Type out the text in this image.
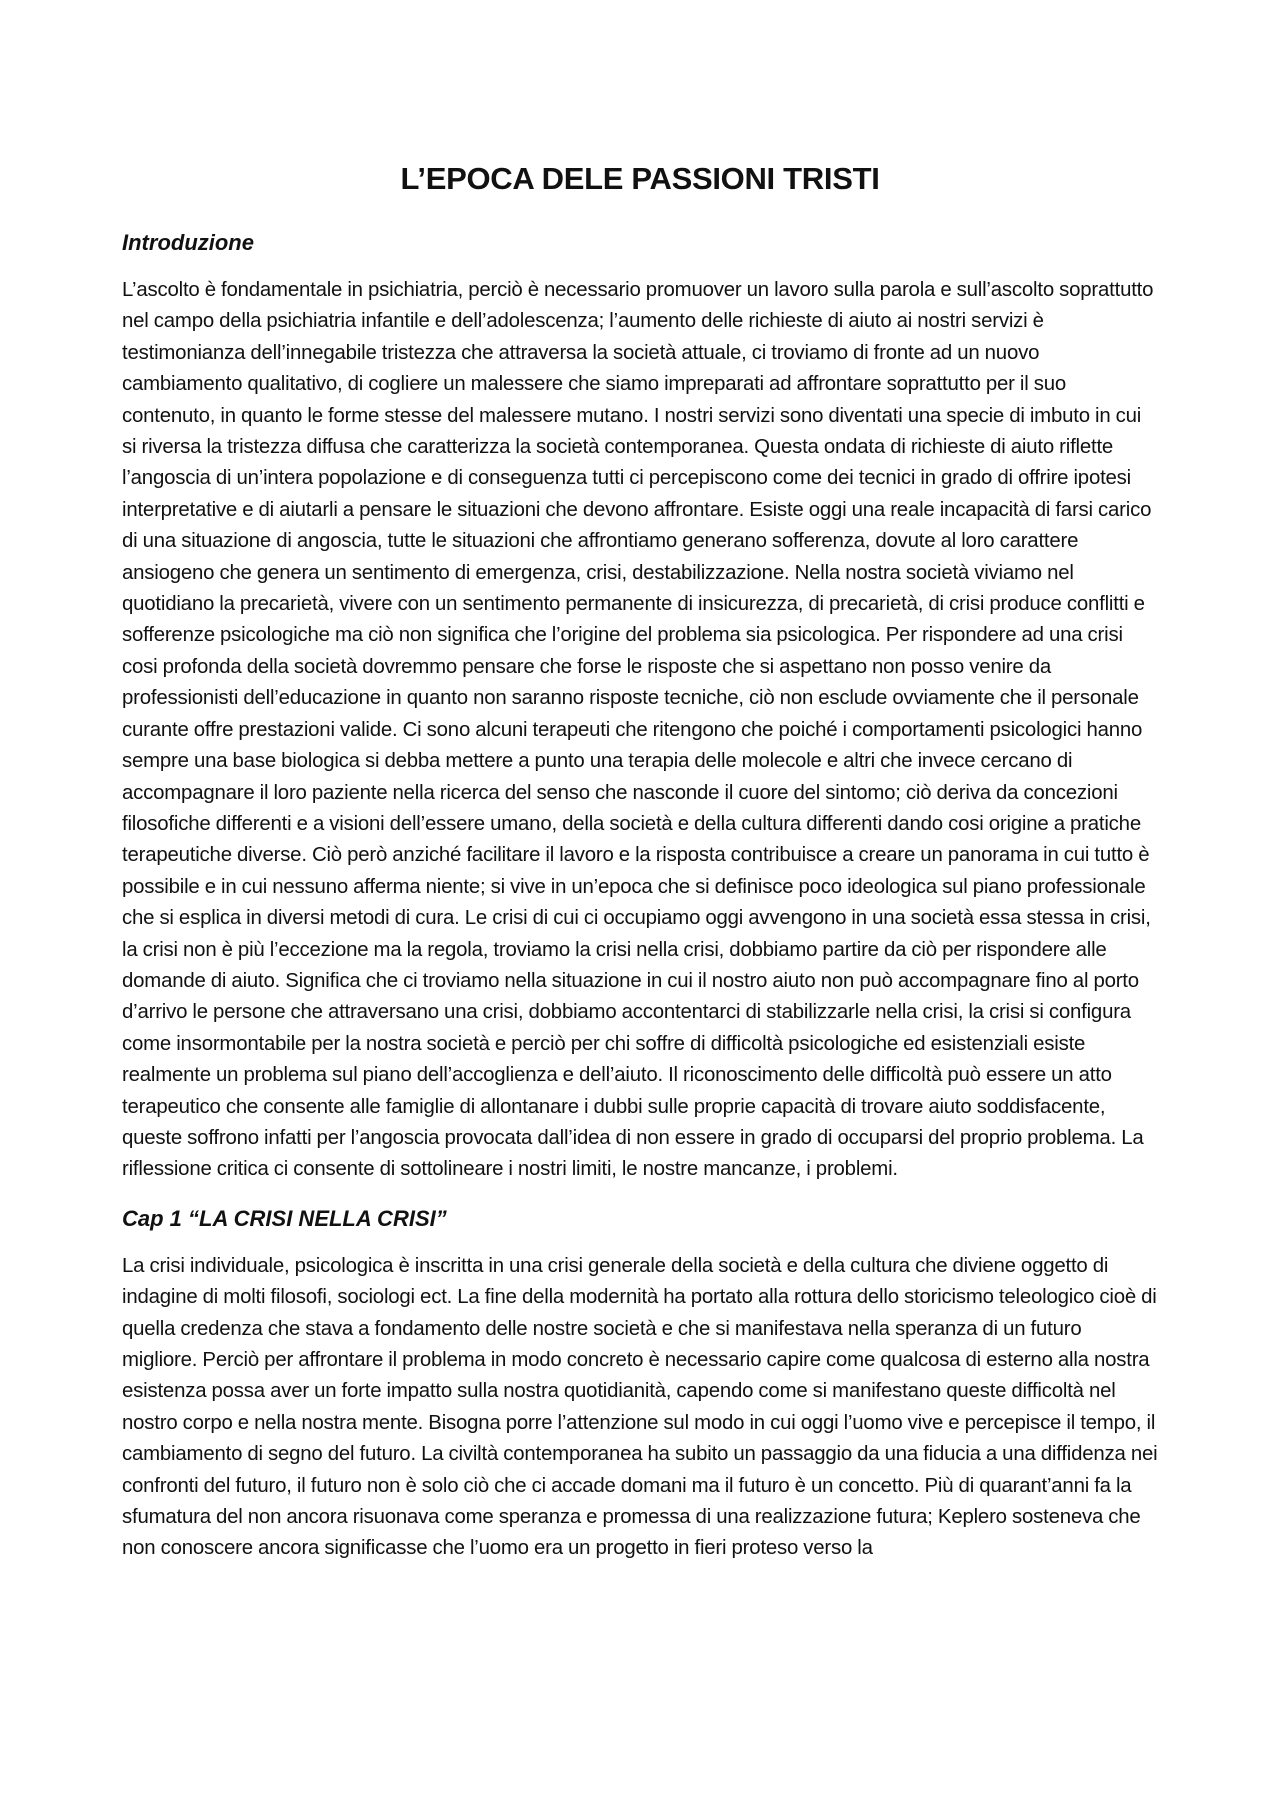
L’EPOCA DELE PASSIONI TRISTI
Introduzione

L’ascolto è fondamentale in psichiatria, perciò è necessario promuover un lavoro sulla parola e sull’ascolto soprattutto nel campo della psichiatria infantile e dell’adolescenza; l’aumento delle richieste di aiuto ai nostri servizi è testimonianza dell’innegabile tristezza che attraversa la società attuale, ci troviamo di fronte ad un nuovo cambiamento qualitativo, di cogliere un malessere che siamo impreparati ad affrontare soprattutto per il suo contenuto, in quanto le forme stesse del malessere mutano. I nostri servizi sono diventati una specie di imbuto in cui si riversa la tristezza diffusa che caratterizza la società contemporanea. Questa ondata di richieste di aiuto riflette l’angoscia di un’intera popolazione e di conseguenza tutti ci percepiscono come dei tecnici in grado di offrire ipotesi interpretative e di aiutarli a pensare le situazioni che devono affrontare. Esiste oggi una reale incapacità di farsi carico di una situazione di angoscia, tutte le situazioni che affrontiamo generano sofferenza, dovute al loro carattere ansiogeno che genera un sentimento di emergenza, crisi, destabilizzazione. Nella nostra società viviamo nel quotidiano la precarietà, vivere con un sentimento permanente di insicurezza, di precarietà, di crisi produce conflitti e sofferenze psicologiche ma ciò non significa che l’origine del problema sia psicologica. Per rispondere ad una crisi cosi profonda della società dovremmo pensare che forse le risposte che si aspettano non posso venire da professionisti dell’educazione in quanto non saranno risposte tecniche, ciò non esclude ovviamente che il personale curante offre prestazioni valide. Ci sono alcuni terapeuti che ritengono che poiché i comportamenti psicologici hanno sempre una base biologica si debba mettere a punto una terapia delle molecole e altri che invece cercano di accompagnare il loro paziente nella ricerca del senso che nasconde il cuore del sintomo; ciò deriva da concezioni filosofiche differenti e a visioni dell’essere umano, della società e della cultura differenti dando cosi origine a pratiche terapeutiche diverse. Ciò però anziché facilitare il lavoro e la risposta contribuisce a creare un panorama in cui tutto è possibile e in cui nessuno afferma niente; si vive in un’epoca che si definisce poco ideologica sul piano professionale che si esplica in diversi metodi di cura. Le crisi di cui ci occupiamo oggi avvengono in una società essa stessa in crisi, la crisi non è più l’eccezione ma la regola, troviamo la crisi nella crisi, dobbiamo partire da ciò per rispondere alle domande di aiuto. Significa che ci troviamo nella situazione in cui il nostro aiuto non può accompagnare fino al porto d’arrivo le persone che attraversano una crisi, dobbiamo accontentarci di stabilizzarle nella crisi, la crisi si configura come insormontabile per la nostra società e perciò per chi soffre di difficoltà psicologiche ed esistenziali esiste realmente un problema sul piano dell’accoglienza e dell’aiuto. Il riconoscimento delle difficoltà può essere un atto terapeutico che consente alle famiglie di allontanare i dubbi sulle proprie capacità di trovare aiuto soddisfacente, queste soffrono infatti per l’angoscia provocata dall’idea di non essere in grado di occuparsi del proprio problema. La riflessione critica ci consente di sottolineare i nostri limiti, le nostre mancanze, i problemi.

Cap 1 “LA CRISI NELLA CRISI”

La crisi individuale, psicologica è inscritta in una crisi generale della società e della cultura che diviene oggetto di indagine di molti filosofi, sociologi ect. La fine della modernità ha portato alla rottura dello storicismo teleologico cioè di quella credenza che stava a fondamento delle nostre società e che si manifestava nella speranza di un futuro migliore. Perciò per affrontare il problema in modo concreto è necessario capire come qualcosa di esterno alla nostra esistenza possa aver un forte impatto sulla nostra quotidianità, capendo come si manifestano queste difficoltà nel nostro corpo e nella nostra mente. Bisogna porre l’attenzione sul modo in cui oggi l’uomo vive e percepisce il tempo, il cambiamento di segno del futuro. La civiltà contemporanea ha subito un passaggio da una fiducia a una diffidenza nei confronti del futuro, il futuro non è solo ciò che ci accade domani ma il futuro è un concetto. Più di quarant’anni fa la sfumatura del non ancora risuonava come speranza e promessa di una realizzazione futura; Keplero sosteneva che non conoscere ancora significasse che l’uomo era un progetto in fieri proteso verso la
